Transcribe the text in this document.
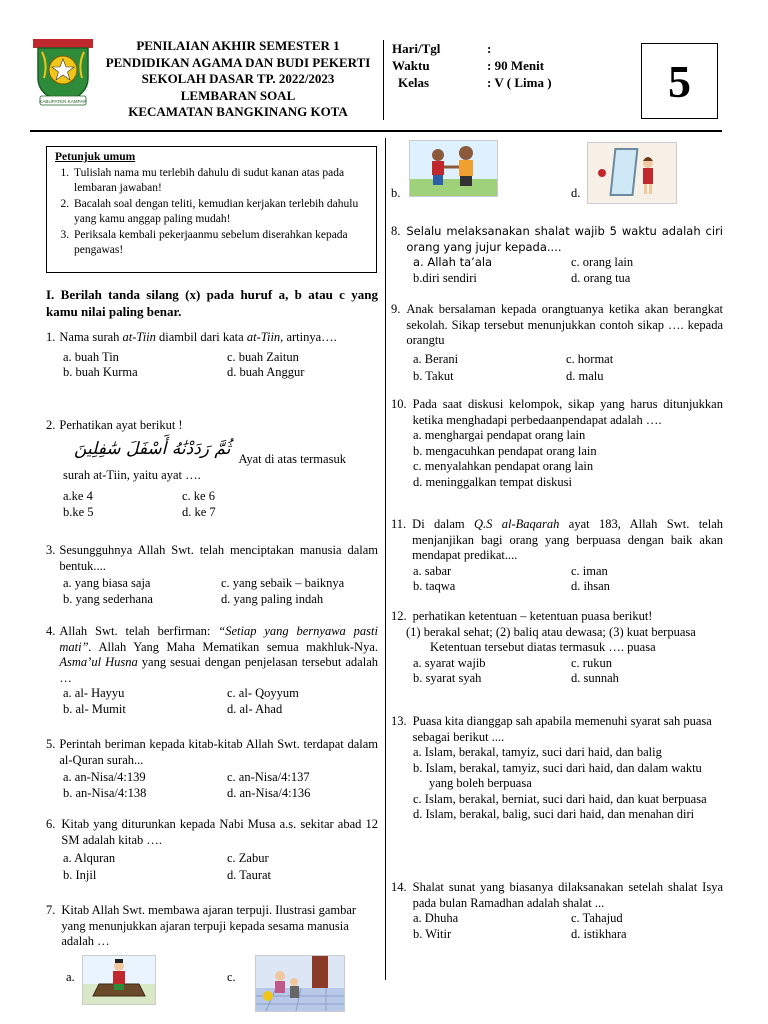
KABUPATEN KAMPAR
PENILAIAN AKHIR SEMESTER 1
PENDIDIKAN AGAMA DAN BUDI PEKERTI
SEKOLAH DASAR TP. 2022/2023
LEMBARAN SOAL
KECAMATAN BANGKINANG KOTA
Hari/Tgl	:
Waktu	: 90 Menit
Kelas	: V ( Lima )	5
Petunjuk umum
1. Tulislah nama mu terlebih dahulu di sudut kanan atas pada lembaran jawaban!
2. Bacalah soal dengan teliti, kemudian kerjakan terlebih dahulu yang kamu anggap paling mudah!
3. Periksala kembali pekerjaanmu sebelum diserahkan kepada pengawas!
I. Berilah tanda silang (x) pada huruf a, b atau c yang kamu nilai paling benar.
1. Nama surah at-Tiin diambil dari kata at-Tiin, artinya….
a. buah Tin	c. buah Zaitun
b. buah Kurma	d. buah Anggur
2. Perhatikan ayat berikut !
ثُمَّ رَدَدْنَٰهُ أَسْفَلَ سَٰفِلِينَ
Ayat di atas termasuk
surah at-Tiin, yaitu ayat ….
a.ke 4	c. ke 6
b.ke 5	d. ke 7
3. Sesungguhnya Allah Swt. telah menciptakan manusia dalam bentuk....
a. yang biasa saja	c. yang sebaik – baiknya
b. yang sederhana	d. yang paling indah
4. Allah Swt. telah berfirman: “Setiap yang bernyawa pasti mati”. Allah Yang Maha Mematikan semua makhluk-Nya. Asma’ul Husna yang sesuai dengan penjelasan tersebut adalah …
a. al- Hayyu	c. al- Qoyyum
b. al- Mumit	d. al- Ahad
5. Perintah beriman kepada kitab-kitab Allah Swt. terdapat dalam al-Quran surah...
a. an-Nisa/4:139	c. an-Nisa/4:137
b. an-Nisa/4:138	d. an-Nisa/4:136
6. Kitab yang diturunkan kepada Nabi Musa a.s. sekitar abad 12 SM adalah kitab ….
a. Alquran	c. Zabur
b. Injil	d. Taurat
7. Kitab Allah Swt. membawa ajaran terpuji. Ilustrasi gambar yang menunjukkan ajaran terpuji kepada sesama manusia adalah …
a.	c.
b.	d.
8. Selalu melaksanakan shalat wajib 5 waktu adalah ciri orang yang jujur kepada....
a. Allah ta’ala	c. orang lain
b.diri sendiri	d. orang tua
9. Anak bersalaman kepada orangtuanya ketika akan berangkat sekolah. Sikap tersebut menunjukkan contoh sikap …. kepada orangtu
a. Berani	c. hormat
b. Takut	d. malu
10. Pada saat diskusi kelompok, sikap yang harus ditunjukkan ketika menghadapi perbedaanpendapat adalah ….
a. menghargai pendapat orang lain
b. mengacuhkan pendapat orang lain
c. menyalahkan pendapat orang lain
d. meninggalkan tempat diskusi
11. Di dalam Q.S al-Baqarah ayat 183, Allah Swt. telah menjanjikan bagi orang yang berpuasa dengan baik akan mendapat predikat....
a. sabar	c. iman
b. taqwa	d. ihsan
12. perhatikan ketentuan – ketentuan puasa berikut!
(1) berakal sehat; (2) baliq atau dewasa; (3) kuat berpuasa
Ketentuan tersebut diatas termasuk …. puasa
a. syarat wajib	c. rukun
b. syarat syah	d. sunnah
13. Puasa kita dianggap sah apabila memenuhi syarat sah puasa sebagai berikut ....
a. Islam, berakal, tamyiz, suci dari haid, dan balig
b. Islam, berakal, tamyiz, suci dari haid, dan dalam waktu yang boleh berpuasa
c. Islam, berakal, berniat, suci dari haid, dan kuat berpuasa
d. Islam, berakal, balig, suci dari haid, dan menahan diri
14. Shalat sunat yang biasanya dilaksanakan setelah shalat Isya pada bulan Ramadhan adalah shalat ...
a. Dhuha	c. Tahajud
b. Witir	d. istikhara
